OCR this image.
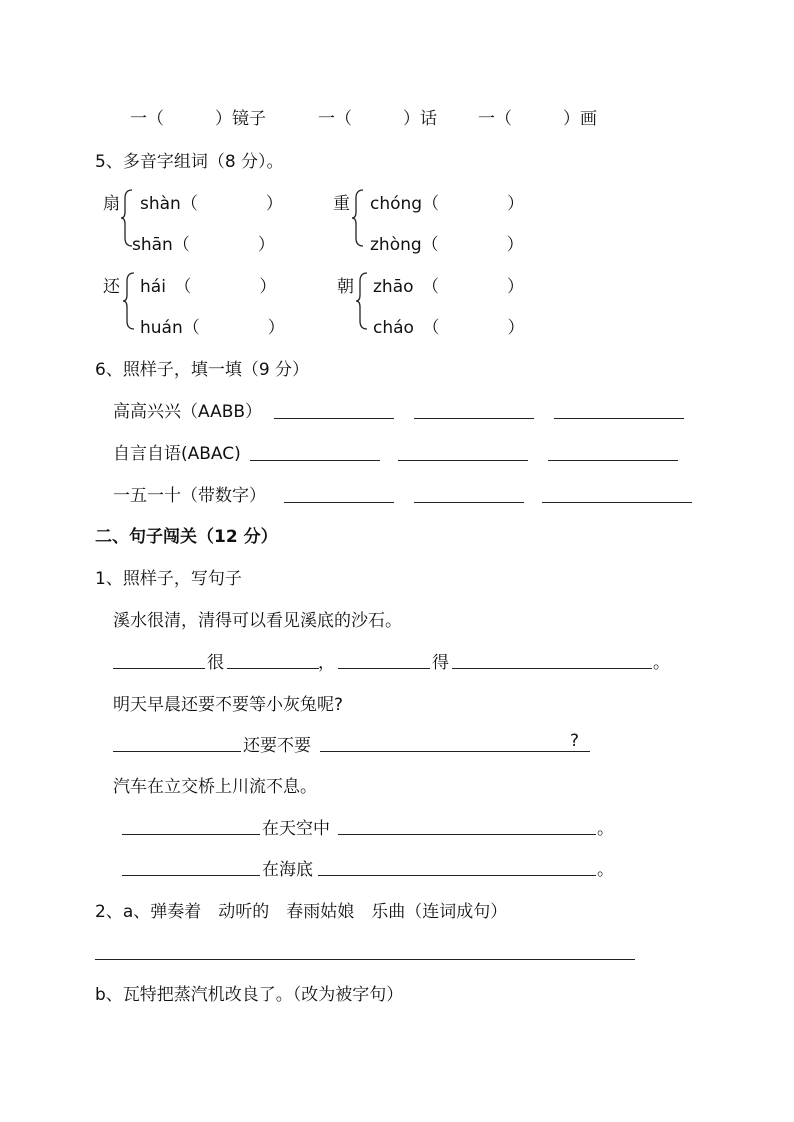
一（　　　）镜子	一（　　　）话 一（　　　）画
5、多音字组词（8 分）。
扇 shàn（　　　　）
shān（　　　　）
重 chóng（　　　　）
zhòng（　　　　）
还 hái　（　　　　）
huán（　　　　）
朝 zhāo　（　　　　）
cháo　（　　　　）
6、照样子，填一填（9 分）
高高兴兴（AABB）
自言自语(ABAC)
一五一十（带数字）
二、句子闯关（12 分）
1、照样子，写句子
溪水很清，清得可以看见溪底的沙石。
很	，	得	。
明天早晨还要不要等小灰兔呢?
还要不要	?
汽车在立交桥上川流不息。
在天空中	。
在海底	。
2、a、弹奏着　动听的　春雨姑娘　乐曲（连词成句）
b、瓦特把蒸汽机改良了。（改为被字句）
